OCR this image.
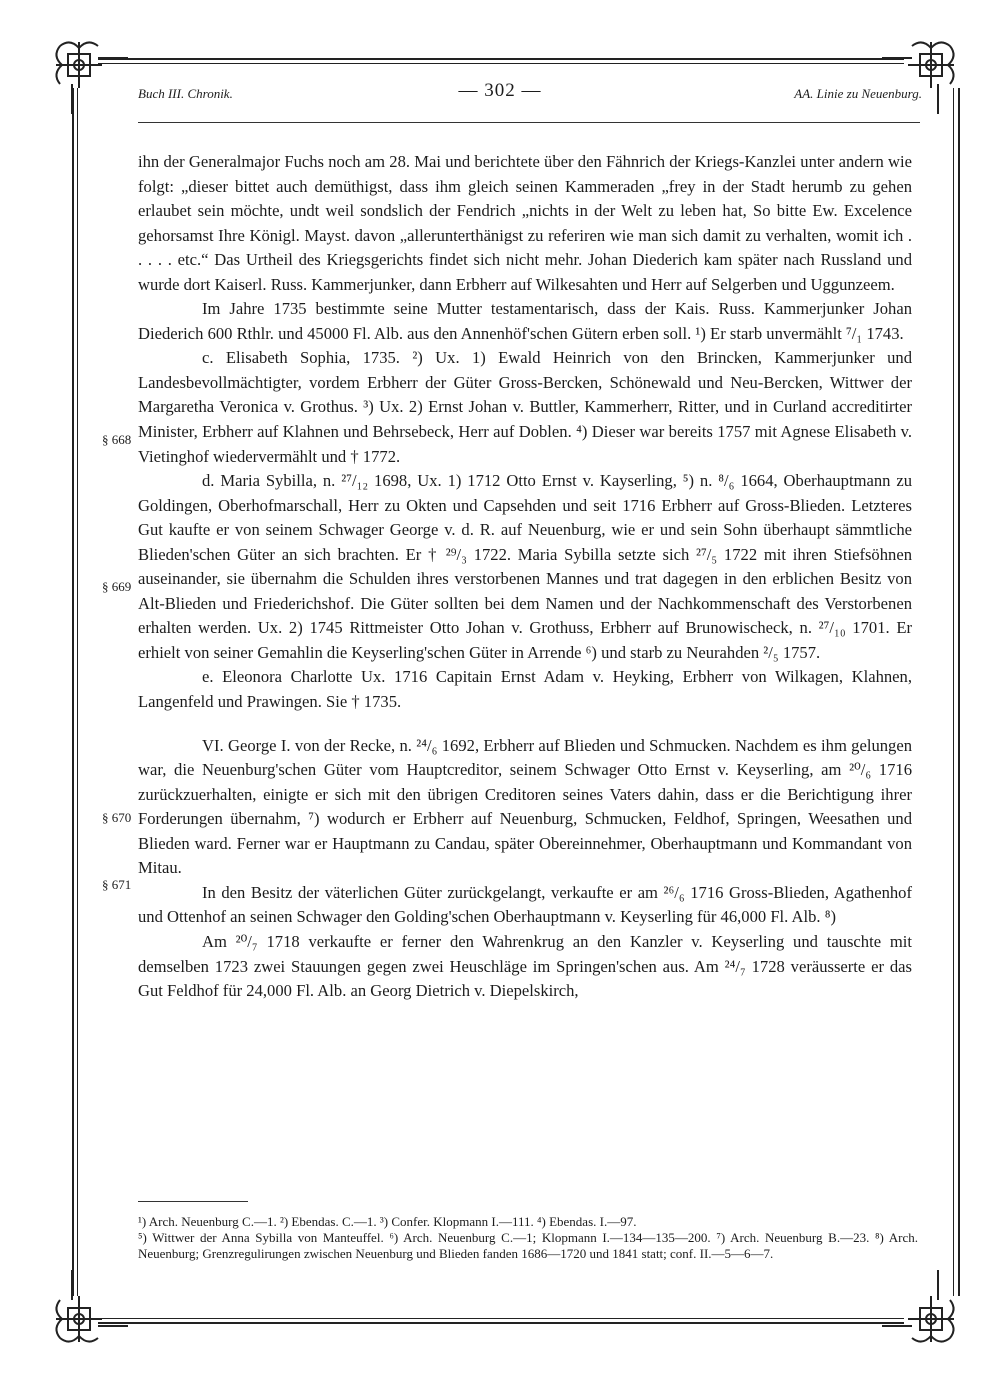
Buch III. Chronik.	— 302 —	AA. Linie zu Neuenburg.
§ 668
§ 669
§ 670
§ 671

ihn der Generalmajor Fuchs noch am 28. Mai und berichtete über den Fähnrich der Kriegs-Kanzlei unter andern wie folgt: „dieser bittet auch demüthigst, dass ihm gleich seinen Kammeraden „frey in der Stadt herumb zu gehen erlaubet sein möchte, undt weil sondslich der Fendrich „nichts in der Welt zu leben hat, So bitte Ew. Excelence gehorsamst Ihre Königl. Mayst. davon „allerunterthänigst zu referiren wie man sich damit zu verhalten, womit ich . . . . . etc.“ Das Urtheil des Kriegsgerichts findet sich nicht mehr. Johan Diederich kam später nach Russland und wurde dort Kaiserl. Russ. Kammerjunker, dann Erbherr auf Wilkesahten und Herr auf Selgerben und Uggunzeem.

Im Jahre 1735 bestimmte seine Mutter testamentarisch, dass der Kais. Russ. Kammerjunker Johan Diederich 600 Rthlr. und 45000 Fl. Alb. aus den Annenhöf'schen Gütern erben soll. ¹) Er starb unvermählt ⁷/₁ 1743.

c. Elisabeth Sophia, 1735. ²) Ux. 1) Ewald Heinrich von den Brincken, Kammerjunker und Landesbevollmächtigter, vordem Erbherr der Güter Gross-Bercken, Schönewald und Neu-Bercken, Wittwer der Margaretha Veronica v. Grothus. ³) Ux. 2) Ernst Johan v. Buttler, Kammerherr, Ritter, und in Curland accreditirter Minister, Erbherr auf Klahnen und Behrsebeck, Herr auf Doblen. ⁴) Dieser war bereits 1757 mit Agnese Elisabeth v. Vietinghof wiedervermählt und † 1772.

d. Maria Sybilla, n. ²⁷/₁₂ 1698, Ux. 1) 1712 Otto Ernst v. Kayserling, ⁵) n. ⁸/₆ 1664, Oberhauptmann zu Goldingen, Oberhofmarschall, Herr zu Okten und Capsehden und seit 1716 Erbherr auf Gross-Blieden. Letzteres Gut kaufte er von seinem Schwager George v. d. R. auf Neuenburg, wie er und sein Sohn überhaupt sämmtliche Blieden'schen Güter an sich brachten. Er † ²⁹/₃ 1722. Maria Sybilla setzte sich ²⁷/₅ 1722 mit ihren Stiefsöhnen auseinander, sie übernahm die Schulden ihres verstorbenen Mannes und trat dagegen in den erblichen Besitz von Alt-Blieden und Friederichshof. Die Güter sollten bei dem Namen und der Nachkommenschaft des Verstorbenen erhalten werden. Ux. 2) 1745 Rittmeister Otto Johan v. Grothuss, Erbherr auf Brunowischeck, n. ²⁷/₁₀ 1701. Er erhielt von seiner Gemahlin die Keyserling'schen Güter in Arrende ⁶) und starb zu Neurahden ²/₅ 1757.

e. Eleonora Charlotte Ux. 1716 Capitain Ernst Adam v. Heyking, Erbherr von Wilkagen, Klahnen, Langenfeld und Prawingen. Sie † 1735.

VI. George I. von der Recke, n. ²⁴/₆ 1692, Erbherr auf Blieden und Schmucken. Nachdem es ihm gelungen war, die Neuenburg'schen Güter vom Hauptcreditor, seinem Schwager Otto Ernst v. Keyserling, am ²⁰/₆ 1716 zurückzuerhalten, einigte er sich mit den übrigen Creditoren seines Vaters dahin, dass er die Berichtigung ihrer Forderungen übernahm, ⁷) wodurch er Erbherr auf Neuenburg, Schmucken, Feldhof, Springen, Weesathen und Blieden ward. Ferner war er Hauptmann zu Candau, später Obereinnehmer, Oberhauptmann und Kommandant von Mitau.

In den Besitz der väterlichen Güter zurückgelangt, verkaufte er am ²⁶/₆ 1716 Gross-Blieden, Agathenhof und Ottenhof an seinen Schwager den Golding'schen Oberhauptmann v. Keyserling für 46,000 Fl. Alb. ⁸)

Am ²⁰/₇ 1718 verkaufte er ferner den Wahrenkrug an den Kanzler v. Keyserling und tauschte mit demselben 1723 zwei Stauungen gegen zwei Heuschläge im Springen'schen aus. Am ²⁴/₇ 1728 veräusserte er das Gut Feldhof für 24,000 Fl. Alb. an Georg Dietrich v. Diepelskirch,

¹) Arch. Neuenburg C.—1. ²) Ebendas. C.—1. ³) Confer. Klopmann I.—111. ⁴) Ebendas. I.—97.

⁵) Wittwer der Anna Sybilla von Manteuffel. ⁶) Arch. Neuenburg C.—1; Klopmann I.—134—135—200. ⁷) Arch. Neuenburg B.—23. ⁸) Arch. Neuenburg; Grenzregulirungen zwischen Neuenburg und Blieden fanden 1686—1720 und 1841 statt; conf. II.—5—6—7.
